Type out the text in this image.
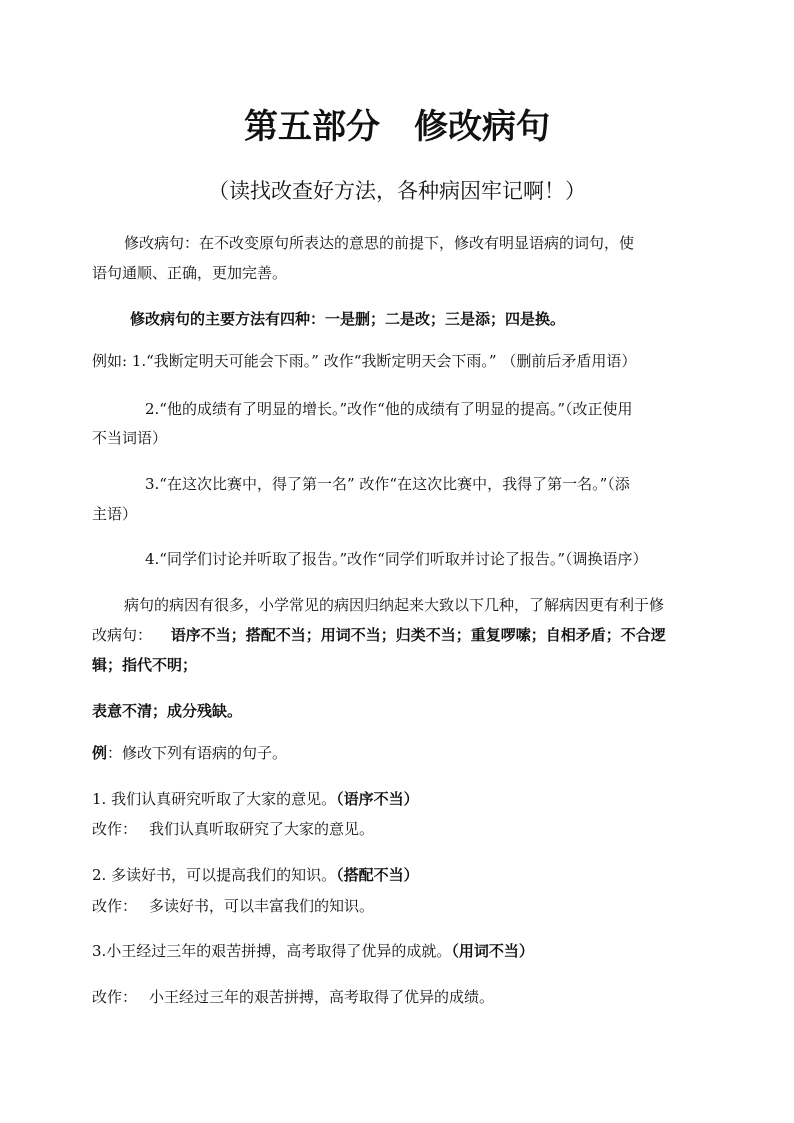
第五部分　修改病句
（读找改查好方法，各种病因牢记啊！）
修改病句：在不改变原句所表达的意思的前提下，修改有明显语病的词句，使
语句通顺、正确，更加完善。
修改病句的主要方法有四种：一是删；二是改；三是添；四是换。
例如: 1.“我断定明天可能会下雨。” 改作“我断定明天会下雨。” （删前后矛盾用语）
2.“他的成绩有了明显的增长。”改作“他的成绩有了明显的提高。”（改正使用
不当词语）
3.“在这次比赛中，得了第一名” 改作“在这次比赛中，我得了第一名。”（添
主语）
4.“同学们讨论并听取了报告。”改作“同学们听取并讨论了报告。”（调换语序）
病句的病因有很多，小学常见的病因归纳起来大致以下几种，了解病因更有利于修
改病句： 语序不当；搭配不当；用词不当；归类不当；重复啰嗦；自相矛盾；不合逻
辑；指代不明；
表意不清；成分残缺。
例：修改下列有语病的句子。
1. 我们认真研究听取了大家的意见。（语序不当）
改作： 我们认真听取研究了大家的意见。
2. 多读好书，可以提高我们的知识。（搭配不当）
改作： 多读好书，可以丰富我们的知识。
3.小王经过三年的艰苦拼搏，高考取得了优异的成就。（用词不当）
改作： 小王经过三年的艰苦拼搏，高考取得了优异的成绩。
